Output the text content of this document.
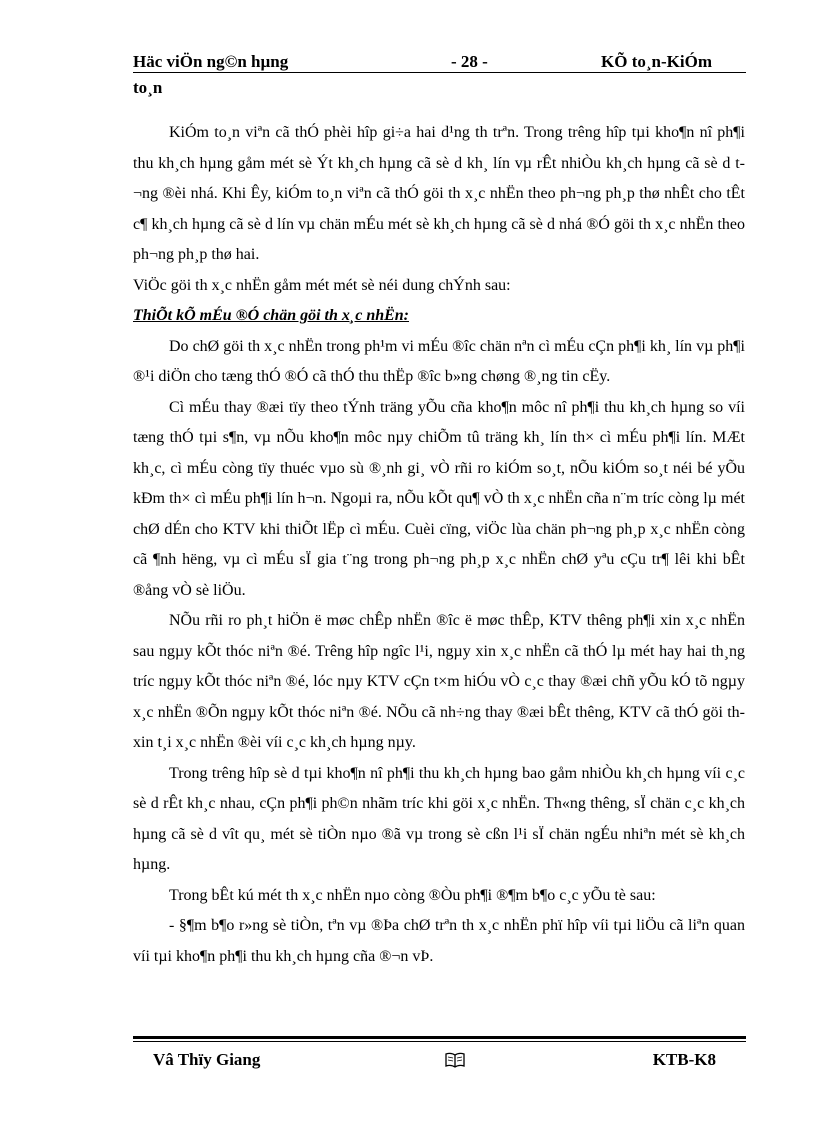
Häc viÖn ng©n hµng	- 28 -	KÕ to¸n-KiÓm
to¸n

KiÓm to¸n viªn cã thÓ phèi hîp gi÷a hai d¹ng th trªn. Trong trêng hîp tµi kho¶n nî ph¶i thu kh¸ch hµng gåm mét sè Ýt kh¸ch hµng cã sè d kh¸ lín vµ rÊt nhiÒu kh¸ch hµng cã sè d t¬ng ®èi nhá. Khi Êy, kiÓm to¸n viªn cã thÓ göi th x¸c nhËn theo ph¬ng ph¸p thø nhÊt cho tÊt c¶ kh¸ch hµng cã sè d lín vµ chän mÉu mét sè kh¸ch hµng cã sè d nhá ®Ó göi th x¸c nhËn theo ph¬ng ph¸p thø hai.

ViÖc göi th x¸c nhËn gåm mét mét sè néi dung chÝnh sau:

ThiÕt kÕ mÉu ®Ó chän göi th x¸c nhËn:

Do chØ göi th x¸c nhËn trong ph¹m vi mÉu ®îc chän nªn cì mÉu cÇn ph¶i kh¸ lín vµ ph¶i ®¹i diÖn cho tæng thÓ ®Ó cã thÓ thu thËp ®îc b»ng chøng ®¸ng tin cËy.

Cì mÉu thay ®æi tïy theo tÝnh träng yÕu cña kho¶n môc nî ph¶i thu kh¸ch hµng so víi tæng thÓ tµi s¶n, vµ nÕu kho¶n môc nµy chiÕm tû träng kh¸ lín th× cì mÉu ph¶i lín. MÆt kh¸c, cì mÉu còng tïy thuéc vµo sù ®¸nh gi¸ vÒ rñi ro kiÓm so¸t, nÕu kiÓm so¸t néi bé yÕu kÐm th× cì mÉu ph¶i lín h¬n. Ngoµi ra, nÕu kÕt qu¶ vÒ th x¸c nhËn cña n¨m tríc còng lµ mét chØ dÉn cho KTV khi thiÕt lËp cì mÉu. Cuèi cïng, viÖc lùa chän ph¬ng ph¸p x¸c nhËn còng cã ¶nh hëng, vµ cì mÉu sÏ gia t¨ng trong ph¬ng ph¸p x¸c nhËn chØ yªu cÇu tr¶ lêi khi bÊt ®ång vÒ sè liÖu.

NÕu rñi ro ph¸t hiÖn ë møc chÊp nhËn ®îc ë møc thÊp, KTV thêng ph¶i xin x¸c nhËn sau ngµy kÕt thóc niªn ®é. Trêng hîp ngîc l¹i, ngµy xin x¸c nhËn cã thÓ lµ mét hay hai th¸ng tríc ngµy kÕt thóc niªn ®é, lóc nµy KTV cÇn t×m hiÓu vÒ c¸c thay ®æi chñ yÕu kÓ tõ ngµy x¸c nhËn ®Õn ngµy kÕt thóc niªn ®é. NÕu cã nh÷ng thay ®æi bÊt thêng, KTV cã thÓ göi th xin t¸i x¸c nhËn ®èi víi c¸c kh¸ch hµng nµy.

Trong trêng hîp sè d tµi kho¶n nî ph¶i thu kh¸ch hµng bao gåm nhiÒu kh¸ch hµng víi c¸c sè d rÊt kh¸c nhau, cÇn ph¶i ph©n nhãm tríc khi göi x¸c nhËn. Th«ng thêng, sÏ chän c¸c kh¸ch hµng cã sè d vît qu¸ mét sè tiÒn nµo ®ã vµ trong sè cßn l¹i sÏ chän ngÉu nhiªn mét sè kh¸ch hµng.

Trong bÊt kú mét th x¸c nhËn nµo còng ®Òu ph¶i ®¶m b¶o c¸c yÕu tè sau:

- §¶m b¶o r»ng sè tiÒn, tªn vµ ®Þa chØ trªn th x¸c nhËn phï hîp víi tµi liÖu cã liªn quan víi tµi kho¶n ph¶i thu kh¸ch hµng cña ®¬n vÞ.

Vâ Thïy Giang	KTB-K8
